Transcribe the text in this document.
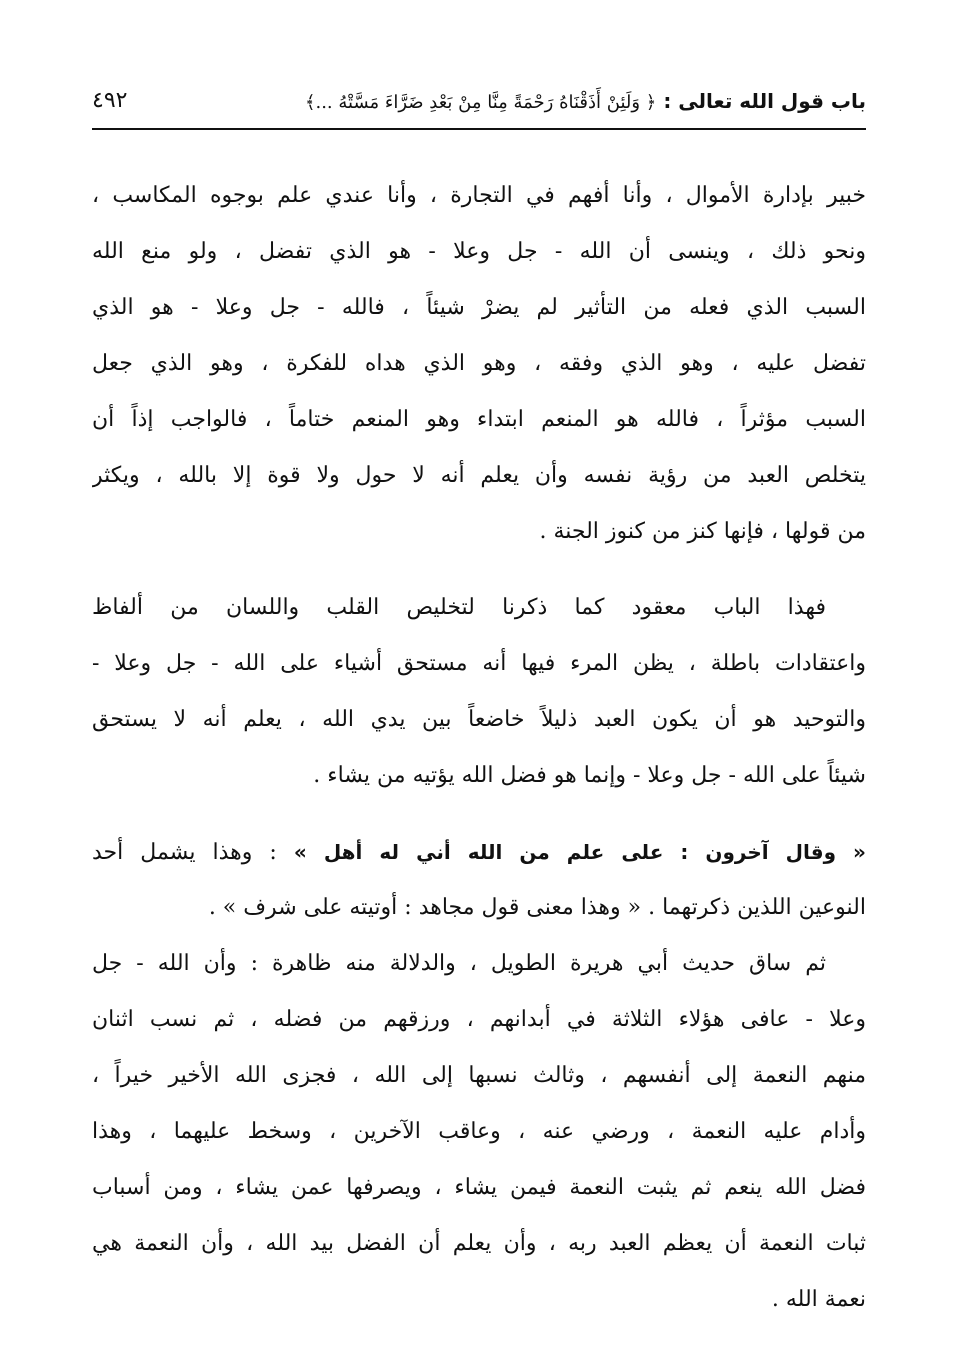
باب قول الله تعالى : ﴿ وَلَئِنْ أَذَقْنَاهُ رَحْمَةً مِنَّا مِنْ بَعْدِ ضَرَّاءَ مَسَّتْهُ ...﴾
٤٩٢
خبير بإدارة الأموال ، وأنا أفهم في التجارة ، وأنا عندي علم بوجوه المكاسب ،
ونحو ذلك ، وينسى أن الله - جل وعلا - هو الذي تفضل ، ولو منع الله
السبب الذي فعله من التأثير لم يضرْ شيئاً ، فالله - جل وعلا - هو الذي
تفضل عليه ، وهو الذي وفقه ، وهو الذي هداه للفكرة ، وهو الذي جعل
السبب مؤثراً ، فالله هو المنعم ابتداء وهو المنعم ختاماً ، فالواجب إذاً أن
يتخلص العبد من رؤية نفسه وأن يعلم أنه لا حول ولا قوة إلا بالله ، ويكثر
من قولها ، فإنها كنز من كنوز الجنة .
فهذا الباب معقود كما ذكرنا لتخليص القلب واللسان من ألفاظ
واعتقادات باطلة ، يظن المرء فيها أنه مستحق أشياء على الله - جل وعلا -
والتوحيد هو أن يكون العبد ذليلاً خاضعاً بين يدي الله ، يعلم أنه لا يستحق
شيئاً على الله - جل وعلا - وإنما هو فضل الله يؤتيه من يشاء .
« وقال آخرون : على علم من الله أني له أهل » : وهذا يشمل أحد
النوعين اللذين ذكرتهما . « وهذا معنى قول مجاهد : أوتيته على شرف » .
ثم ساق حديث أبي هريرة الطويل ، والدلالة منه ظاهرة : وأن الله - جل
وعلا - عافى هؤلاء الثلاثة في أبدانهم ، ورزقهم من فضله ، ثم نسب اثنان
منهم النعمة إلى أنفسهم ، وثالث نسبها إلى الله ، فجزى الله الأخير خيراً ،
وأدام عليه النعمة ، ورضي عنه ، وعاقب الآخرين ، وسخط عليهما ، وهذا
فضل الله ينعم ثم يثبت النعمة فيمن يشاء ، ويصرفها عمن يشاء ، ومن أسباب
ثبات النعمة أن يعظم العبد ربه ، وأن يعلم أن الفضل بيد الله ، وأن النعمة هي
نعمة الله .
